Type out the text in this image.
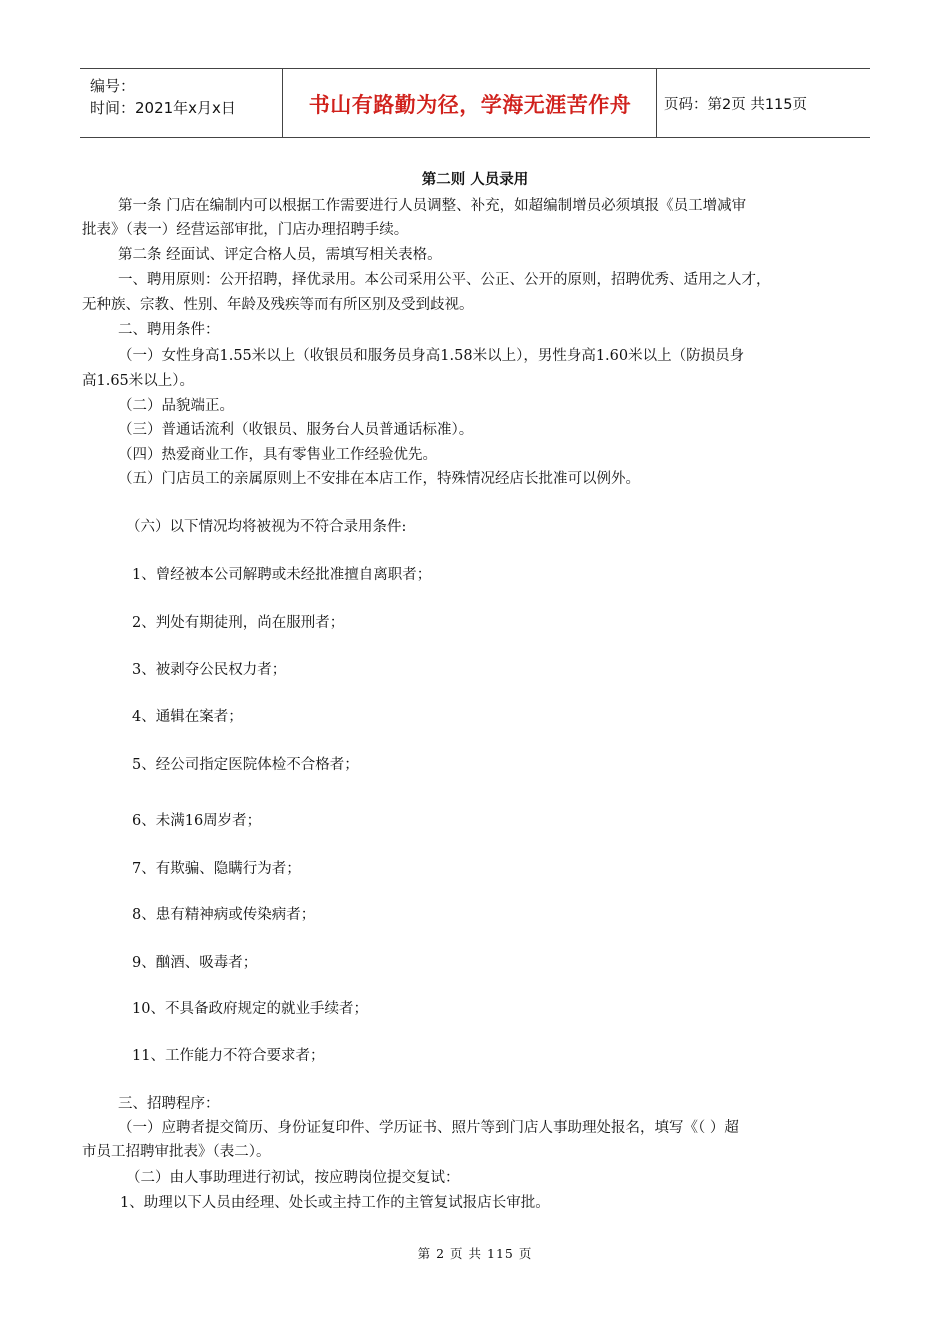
编号：
时间：2021年x月x日	书山有路勤为径，学海无涯苦作舟	页码：第2页 共115页
第二则 人员录用
第一条 门店在编制内可以根据工作需要进行人员调整、补充，如超编制增员必须填报《员工增减审
批表》（表一）经营运部审批，门店办理招聘手续。
第二条 经面试、评定合格人员，需填写相关表格。
一、聘用原则：公开招聘，择优录用。本公司采用公平、公正、公开的原则，招聘优秀、适用之人才，
无种族、宗教、性别、年龄及残疾等而有所区别及受到歧视。
二、聘用条件：
（一）女性身高1.55米以上（收银员和服务员身高1.58米以上），男性身高1.60米以上（防损员身
高1.65米以上）。
（二）品貌端正。
（三）普通话流利（收银员、服务台人员普通话标准）。
（四）热爱商业工作，具有零售业工作经验优先。
（五）门店员工的亲属原则上不安排在本店工作，特殊情况经店长批准可以例外。
（六）以下情况均将被视为不符合录用条件:
1、曾经被本公司解聘或未经批准擅自离职者；
2、判处有期徒刑，尚在服刑者；
3、被剥夺公民权力者；
4、通辑在案者；
5、经公司指定医院体检不合格者；
6、未满16周岁者；
7、有欺骗、隐瞒行为者；
8、患有精神病或传染病者；
9、酗酒、吸毒者；
10、不具备政府规定的就业手续者；
11、工作能力不符合要求者；
三、招聘程序：
（一）应聘者提交简历、身份证复印件、学历证书、照片等到门店人事助理处报名，填写《（ ）超
市员工招聘审批表》（表二）。
（二）由人事助理进行初试，按应聘岗位提交复试：
1、助理以下人员由经理、处长或主持工作的主管复试报店长审批。
第 2 页 共 115 页
